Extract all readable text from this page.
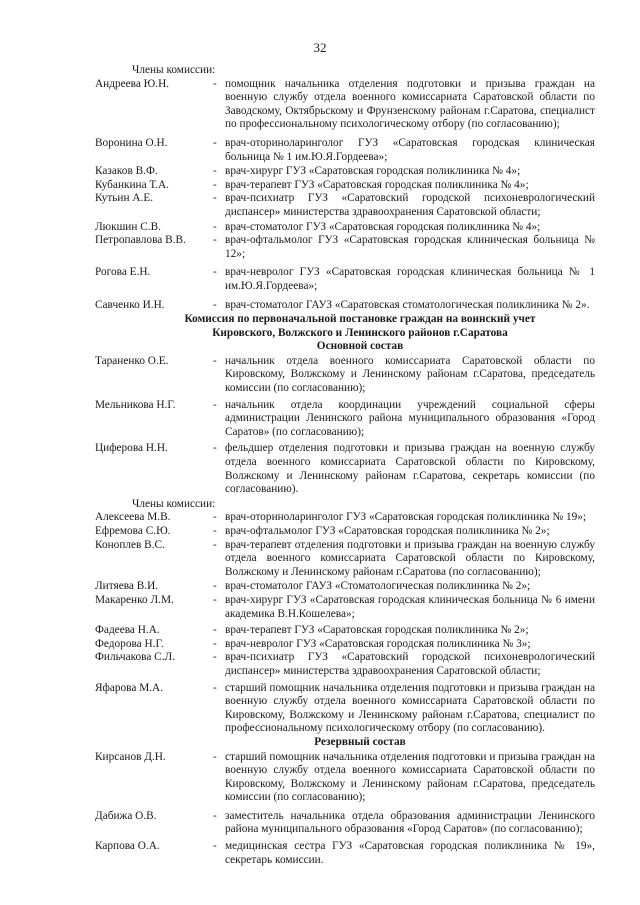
32
Члены комиссии:
Андреева Ю.Н.	- помощник начальника отделения подготовки и призыва граждан на военную службу отдела военного комиссариата Саратовской области по Заводскому, Октябрьскому и Фрунзенскому районам г.Саратова, специалист по профессиональному психологическому отбору (по согласованию);
Воронина О.Н.	- врач-оториноларинголог ГУЗ «Саратовская городская клиническая больница № 1 им.Ю.Я.Гордеева»;
Казаков В.Ф.	- врач-хирург ГУЗ «Саратовская городская поликлиника № 4»;
Кубанкина Т.А.	- врач-терапевт ГУЗ «Саратовская городская поликлиника № 4»;
Кутьин А.Е.	- врач-психиатр ГУЗ «Саратовский городской психоневрологический диспансер» министерства здравоохранения Саратовской области;
Люкшин С.В.	- врач-стоматолог ГУЗ «Саратовская городская поликлиника № 4»;
Петропавлова В.В.	- врач-офтальмолог ГУЗ «Саратовская городская клиническая больница № 12»;
Рогова Е.Н.	- врач-невролог ГУЗ «Саратовская городская клиническая больница № 1 им.Ю.Я.Гордеева»;
Савченко И.Н.	- врач-стоматолог ГАУЗ «Саратовская стоматологическая поликлиника № 2».
Комиссия по первоначальной постановке граждан на воинский учет
Кировского, Волжского и Ленинского районов г.Саратова
Основной состав
Тараненко О.Е.	- начальник отдела военного комиссариата Саратовской области по Кировскому, Волжскому и Ленинскому районам г.Саратова, председатель комиссии (по согласованию);
Мельникова Н.Г.	- начальник отдела координации учреждений социальной сферы администрации Ленинского района муниципального образования «Город Саратов» (по согласованию);
Циферова Н.Н.	- фельдшер отделения подготовки и призыва граждан на военную службу отдела военного комиссариата Саратовской области по Кировскому, Волжскому и Ленинскому районам г.Саратова, секретарь комиссии (по согласованию).
Члены комиссии:
Алексеева М.В.	- врач-оториноларинголог ГУЗ «Саратовская городская поликлиника № 19»;
Ефремова С.Ю.	- врач-офтальмолог ГУЗ «Саратовская городская поликлиника № 2»;
Коноплев В.С.	- врач-терапевт отделения подготовки и призыва граждан на военную службу отдела военного комиссариата Саратовской области по Кировскому, Волжскому и Ленинскому районам г.Саратова (по согласованию);
Литяева В.И.	- врач-стоматолог ГАУЗ «Стоматологическая поликлиника № 2»;
Макаренко Л.М.	- врач-хирург ГУЗ «Саратовская городская клиническая больница № 6 имени академика В.Н.Кошелева»;
Фадеева Н.А.	- врач-терапевт ГУЗ «Саратовская городская поликлиника № 2»;
Федорова Н.Г.	- врач-невролог ГУЗ «Саратовская городская поликлиника № 3»;
Фильчакова С.Л.	- врач-психиатр ГУЗ «Саратовский городской психоневрологический диспансер» министерства здравоохранения Саратовской области;
Яфарова М.А.	- старший помощник начальника отделения подготовки и призыва граждан на военную службу отдела военного комиссариата Саратовской области по Кировскому, Волжскому и Ленинскому районам г.Саратова, специалист по профессиональному психологическому отбору (по согласованию).
Резервный состав
Кирсанов Д.Н.	- старший помощник начальника отделения подготовки и призыва граждан на военную службу отдела военного комиссариата Саратовской области по Кировскому, Волжскому и Ленинскому районам г.Саратова, председатель комиссии (по согласованию);
Дабижа О.В.	- заместитель начальника отдела образования администрации Ленинского района муниципального образования «Город Саратов» (по согласованию);
Карпова О.А.	- медицинская сестра ГУЗ «Саратовская городская поликлиника № 19», секретарь комиссии.
